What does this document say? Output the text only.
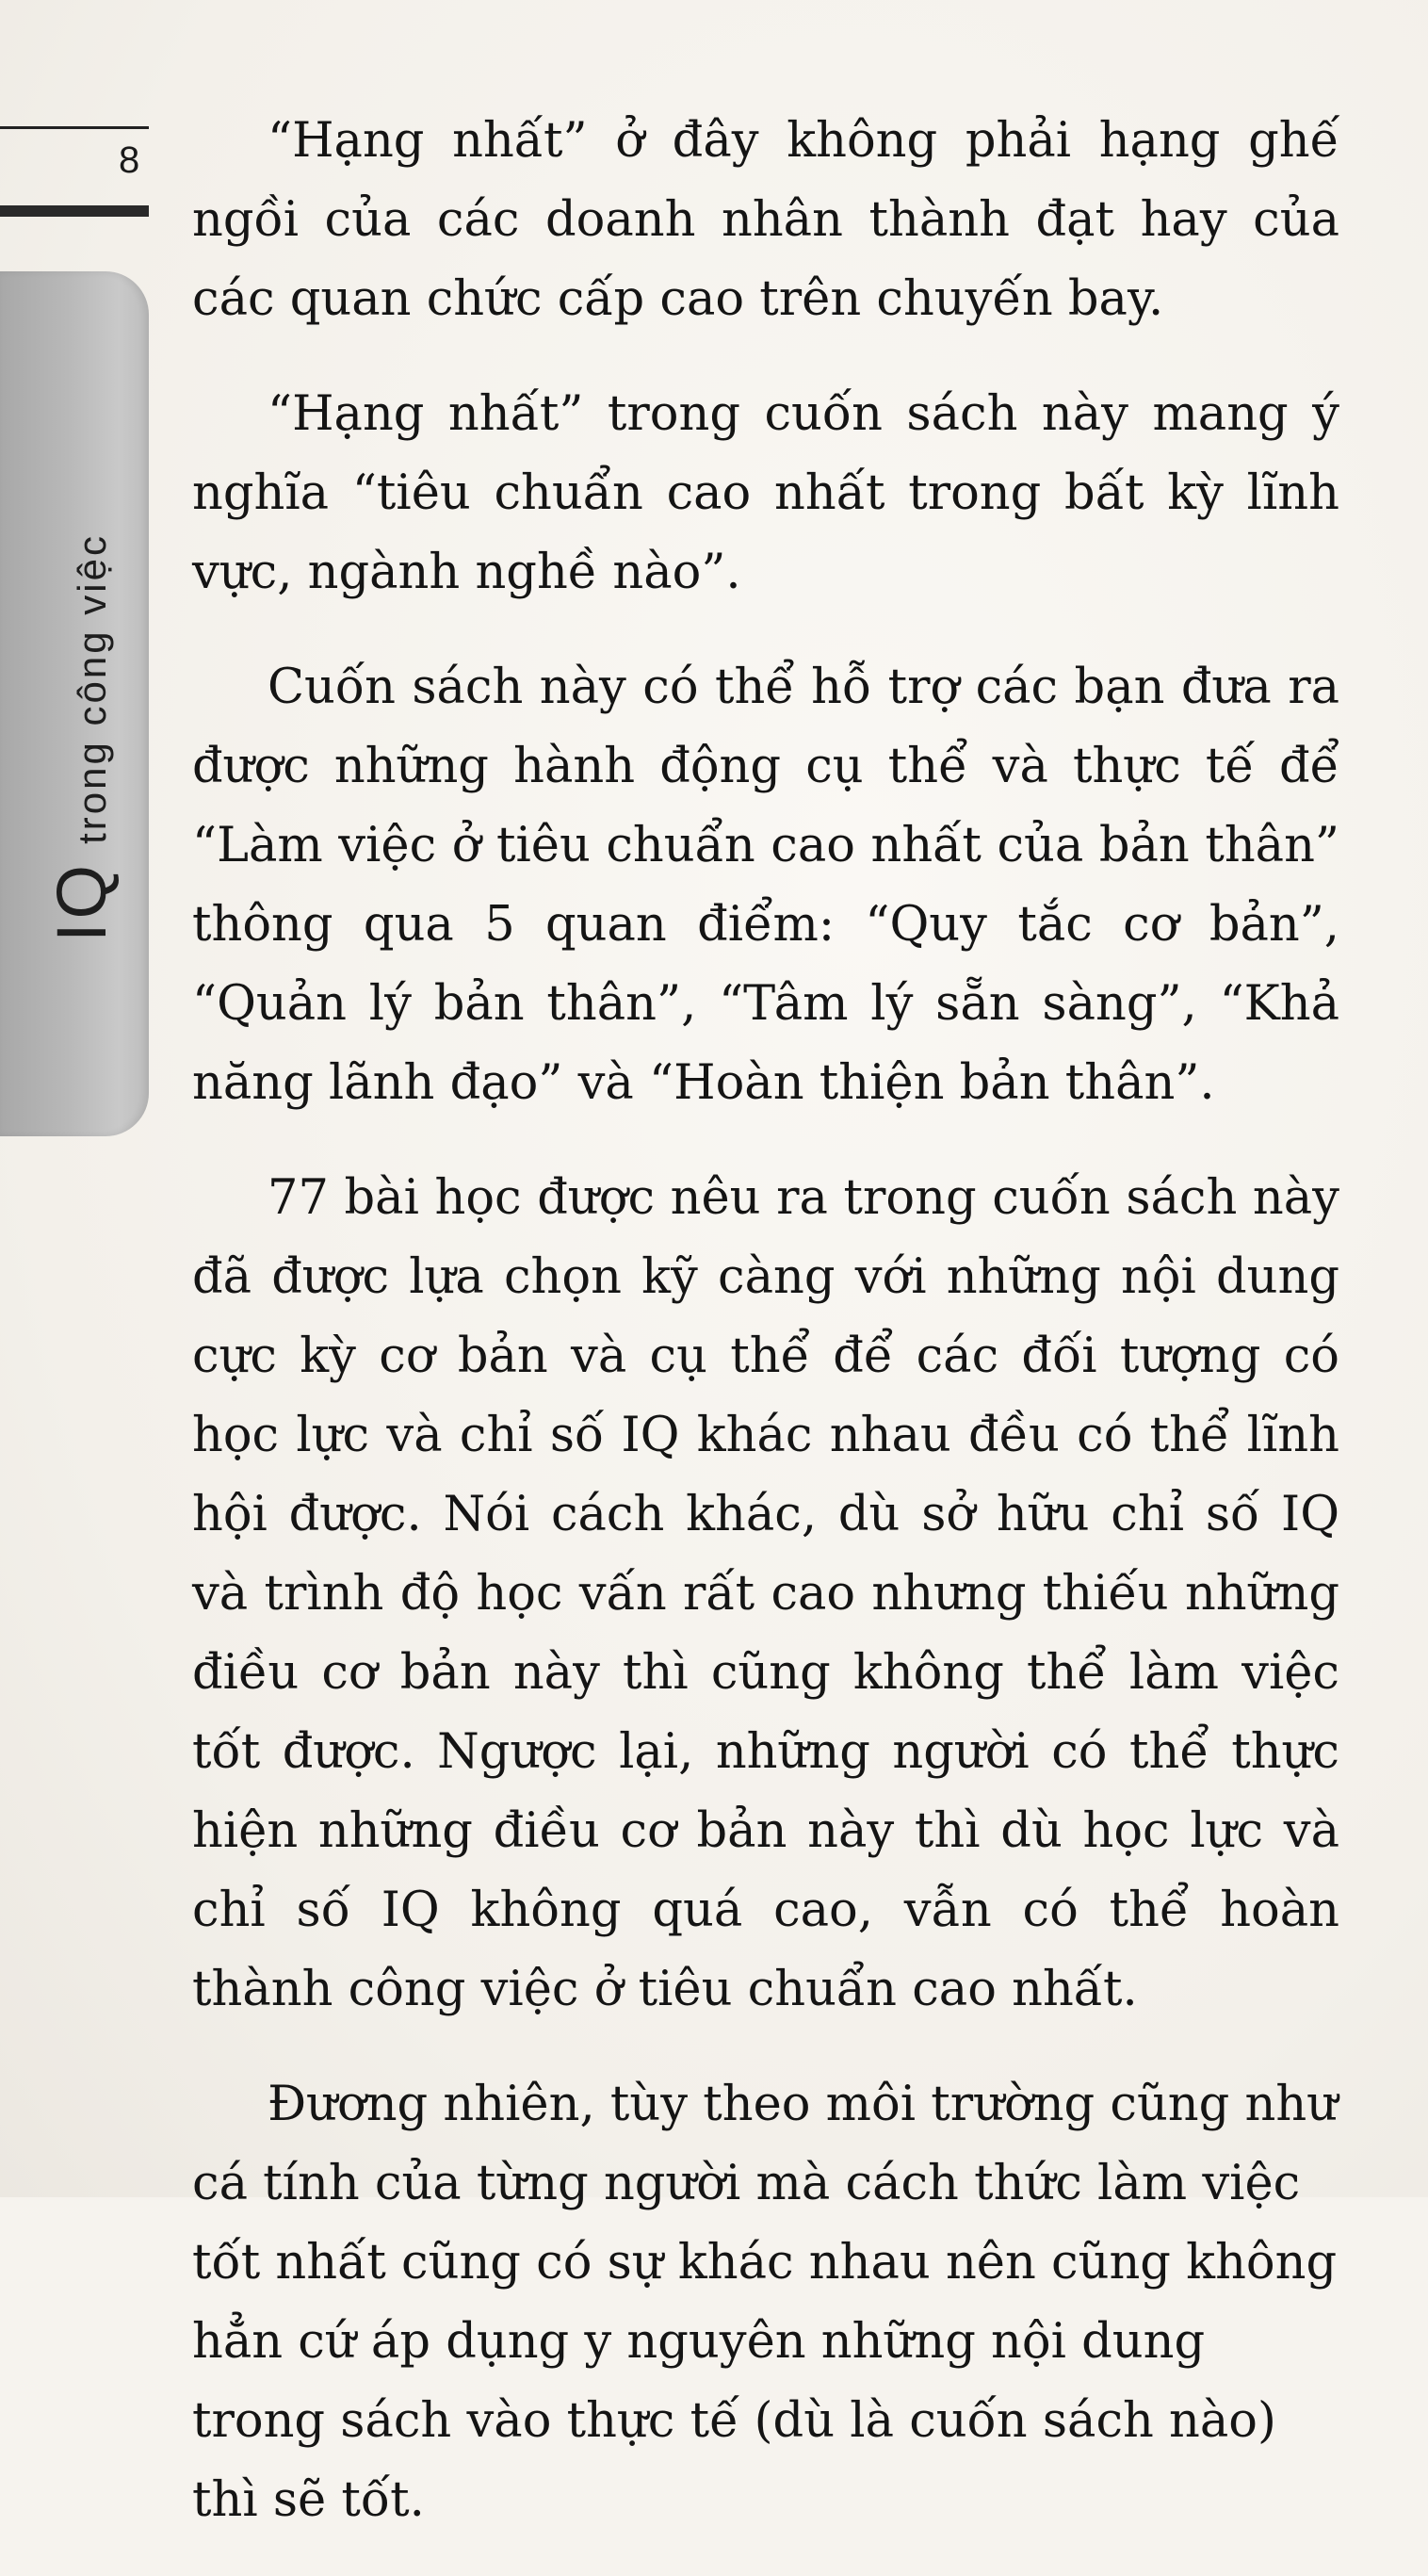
8
IQtrong công việc

“Hạng nhất” ở đây không phải hạng ghế ngồi của các doanh nhân thành đạt hay của các quan chức cấp cao trên chuyến bay.

“Hạng nhất” trong cuốn sách này mang ý nghĩa “tiêu chuẩn cao nhất trong bất kỳ lĩnh vực, ngành nghề nào”.

Cuốn sách này có thể hỗ trợ các bạn đưa ra được những hành động cụ thể và thực tế để “Làm việc ở tiêu chuẩn cao nhất của bản thân” thông qua 5 quan điểm: “Quy tắc cơ bản”, “Quản lý bản thân”, “Tâm lý sẵn sàng”, “Khả năng lãnh đạo” và “Hoàn thiện bản thân”.

77 bài học được nêu ra trong cuốn sách này đã được lựa chọn kỹ càng với những nội dung cực kỳ cơ bản và cụ thể để các đối tượng có học lực và chỉ số IQ khác nhau đều có thể lĩnh hội được. Nói cách khác, dù sở hữu chỉ số IQ và trình độ học vấn rất cao nhưng thiếu những điều cơ bản này thì cũng không thể làm việc tốt được. Ngược lại, những người có thể thực hiện những điều cơ bản này thì dù học lực và chỉ số IQ không quá cao, vẫn có thể hoàn thành công việc ở tiêu chuẩn cao nhất.

Đương nhiên, tùy theo môi trường cũng như cá tính của từng người mà cách thức làm việc tốt nhất cũng có sự khác nhau nên cũng không hẳn cứ áp dụng y nguyên những nội dung trong sách vào thực tế (dù là cuốn sách nào) thì sẽ tốt.
